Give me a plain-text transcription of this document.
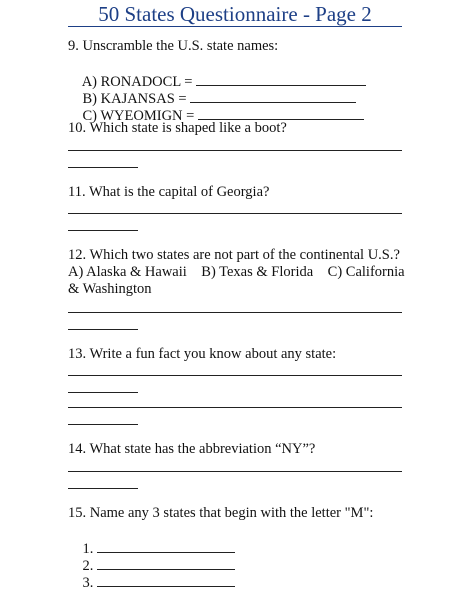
50 States Questionnaire - Page 2
9. Unscramble the U.S. state names:

A) RONADOCL =

B) KAJANSAS =

C) WYEOMIGN =

10. Which state is shaped like a boot?
11. What is the capital of Georgia?
12. Which two states are not part of the continental U.S.?
A) Alaska & Hawaii    B) Texas & Florida    C) California
& Washington
13. Write a fun fact you know about any state:
14. What state has the abbreviation “NY”?
15. Name any 3 states that begin with the letter "M":

1.

2.

3.
